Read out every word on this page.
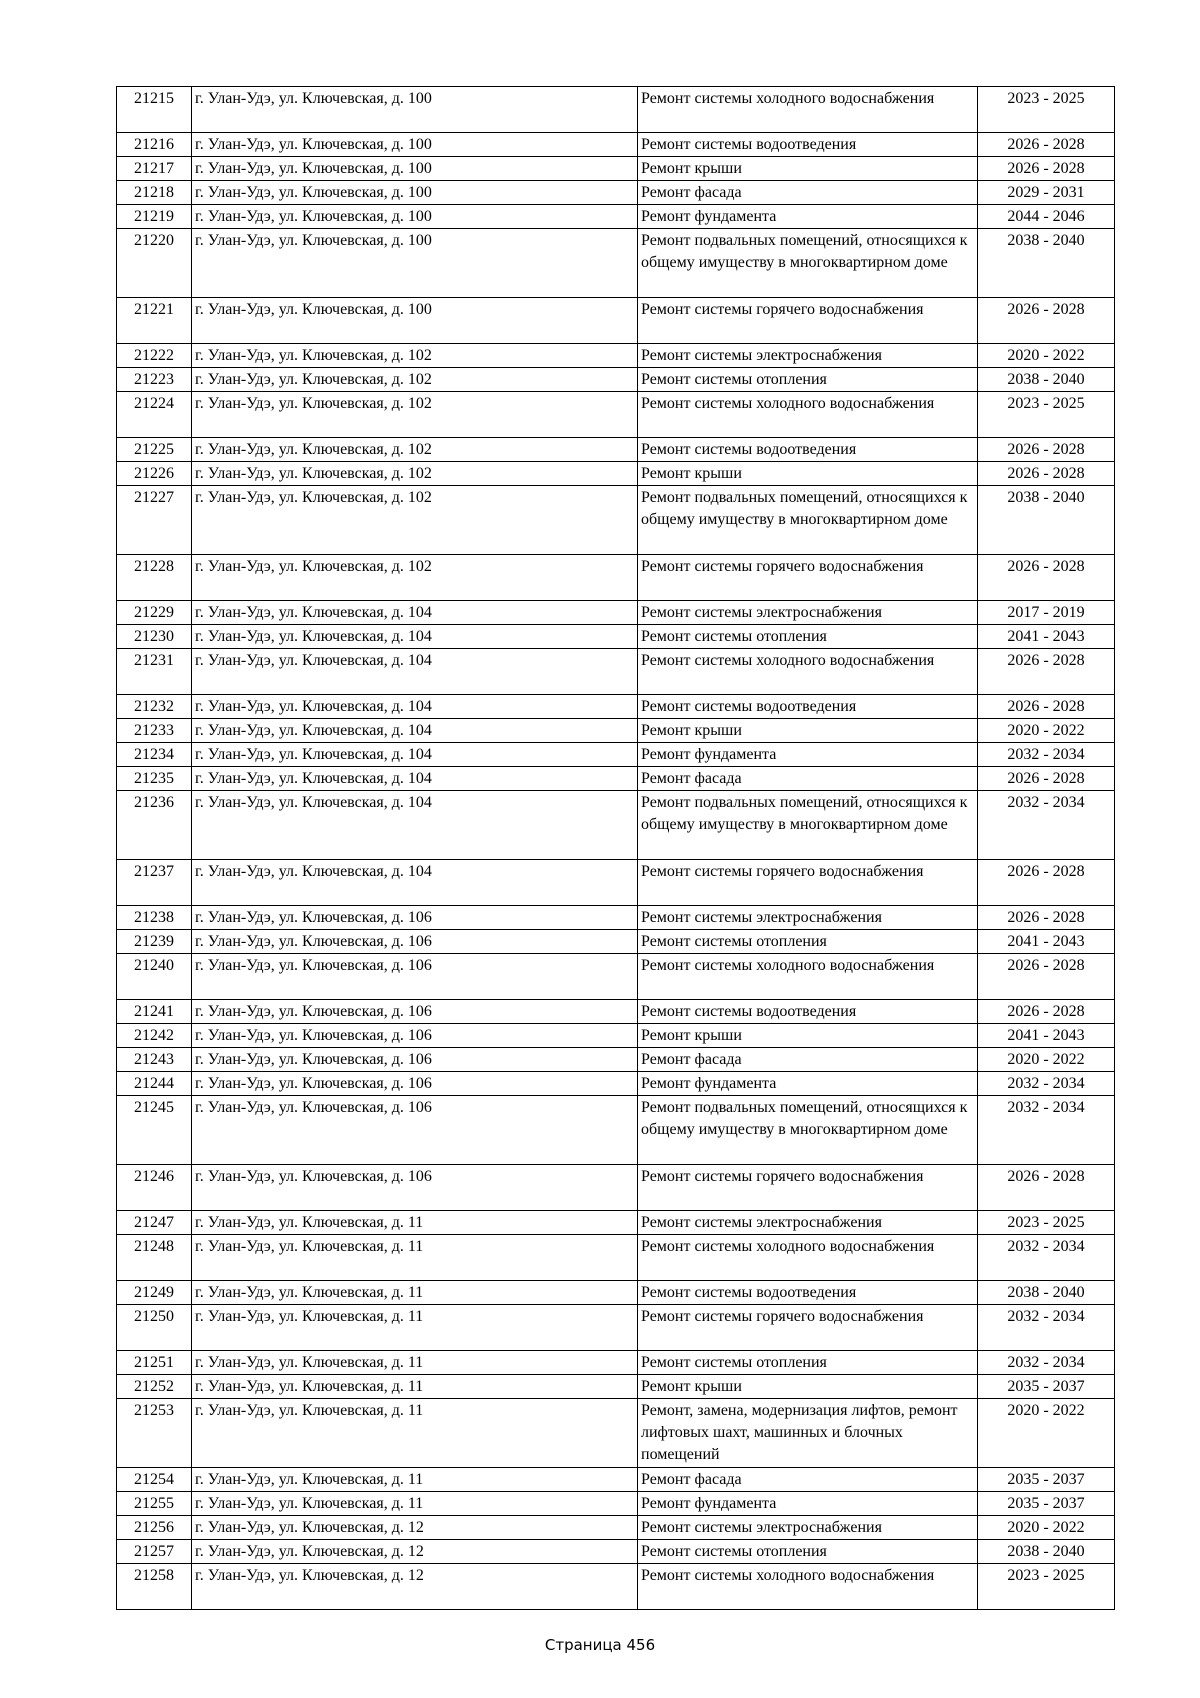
21215	г. Улан-Удэ, ул. Ключевская, д. 100	Ремонт системы холодного водоснабжения	2023 - 2025
21216	г. Улан-Удэ, ул. Ключевская, д. 100	Ремонт системы водоотведения	2026 - 2028
21217	г. Улан-Удэ, ул. Ключевская, д. 100	Ремонт крыши	2026 - 2028
21218	г. Улан-Удэ, ул. Ключевская, д. 100	Ремонт фасада	2029 - 2031
21219	г. Улан-Удэ, ул. Ключевская, д. 100	Ремонт фундамента	2044 - 2046
21220	г. Улан-Удэ, ул. Ключевская, д. 100	Ремонт подвальных помещений, относящихся к общему имуществу в многоквартирном доме	2038 - 2040
21221	г. Улан-Удэ, ул. Ключевская, д. 100	Ремонт системы горячего водоснабжения	2026 - 2028
21222	г. Улан-Удэ, ул. Ключевская, д. 102	Ремонт системы электроснабжения	2020 - 2022
21223	г. Улан-Удэ, ул. Ключевская, д. 102	Ремонт системы отопления	2038 - 2040
21224	г. Улан-Удэ, ул. Ключевская, д. 102	Ремонт системы холодного водоснабжения	2023 - 2025
21225	г. Улан-Удэ, ул. Ключевская, д. 102	Ремонт системы водоотведения	2026 - 2028
21226	г. Улан-Удэ, ул. Ключевская, д. 102	Ремонт крыши	2026 - 2028
21227	г. Улан-Удэ, ул. Ключевская, д. 102	Ремонт подвальных помещений, относящихся к общему имуществу в многоквартирном доме	2038 - 2040
21228	г. Улан-Удэ, ул. Ключевская, д. 102	Ремонт системы горячего водоснабжения	2026 - 2028
21229	г. Улан-Удэ, ул. Ключевская, д. 104	Ремонт системы электроснабжения	2017 - 2019
21230	г. Улан-Удэ, ул. Ключевская, д. 104	Ремонт системы отопления	2041 - 2043
21231	г. Улан-Удэ, ул. Ключевская, д. 104	Ремонт системы холодного водоснабжения	2026 - 2028
21232	г. Улан-Удэ, ул. Ключевская, д. 104	Ремонт системы водоотведения	2026 - 2028
21233	г. Улан-Удэ, ул. Ключевская, д. 104	Ремонт крыши	2020 - 2022
21234	г. Улан-Удэ, ул. Ключевская, д. 104	Ремонт фундамента	2032 - 2034
21235	г. Улан-Удэ, ул. Ключевская, д. 104	Ремонт фасада	2026 - 2028
21236	г. Улан-Удэ, ул. Ключевская, д. 104	Ремонт подвальных помещений, относящихся к общему имуществу в многоквартирном доме	2032 - 2034
21237	г. Улан-Удэ, ул. Ключевская, д. 104	Ремонт системы горячего водоснабжения	2026 - 2028
21238	г. Улан-Удэ, ул. Ключевская, д. 106	Ремонт системы электроснабжения	2026 - 2028
21239	г. Улан-Удэ, ул. Ключевская, д. 106	Ремонт системы отопления	2041 - 2043
21240	г. Улан-Удэ, ул. Ключевская, д. 106	Ремонт системы холодного водоснабжения	2026 - 2028
21241	г. Улан-Удэ, ул. Ключевская, д. 106	Ремонт системы водоотведения	2026 - 2028
21242	г. Улан-Удэ, ул. Ключевская, д. 106	Ремонт крыши	2041 - 2043
21243	г. Улан-Удэ, ул. Ключевская, д. 106	Ремонт фасада	2020 - 2022
21244	г. Улан-Удэ, ул. Ключевская, д. 106	Ремонт фундамента	2032 - 2034
21245	г. Улан-Удэ, ул. Ключевская, д. 106	Ремонт подвальных помещений, относящихся к общему имуществу в многоквартирном доме	2032 - 2034
21246	г. Улан-Удэ, ул. Ключевская, д. 106	Ремонт системы горячего водоснабжения	2026 - 2028
21247	г. Улан-Удэ, ул. Ключевская, д. 11	Ремонт системы электроснабжения	2023 - 2025
21248	г. Улан-Удэ, ул. Ключевская, д. 11	Ремонт системы холодного водоснабжения	2032 - 2034
21249	г. Улан-Удэ, ул. Ключевская, д. 11	Ремонт системы водоотведения	2038 - 2040
21250	г. Улан-Удэ, ул. Ключевская, д. 11	Ремонт системы горячего водоснабжения	2032 - 2034
21251	г. Улан-Удэ, ул. Ключевская, д. 11	Ремонт системы отопления	2032 - 2034
21252	г. Улан-Удэ, ул. Ключевская, д. 11	Ремонт крыши	2035 - 2037
21253	г. Улан-Удэ, ул. Ключевская, д. 11	Ремонт, замена, модернизация лифтов, ремонт лифтовых шахт, машинных и блочных помещений	2020 - 2022
21254	г. Улан-Удэ, ул. Ключевская, д. 11	Ремонт фасада	2035 - 2037
21255	г. Улан-Удэ, ул. Ключевская, д. 11	Ремонт фундамента	2035 - 2037
21256	г. Улан-Удэ, ул. Ключевская, д. 12	Ремонт системы электроснабжения	2020 - 2022
21257	г. Улан-Удэ, ул. Ключевская, д. 12	Ремонт системы отопления	2038 - 2040
21258	г. Улан-Удэ, ул. Ключевская, д. 12	Ремонт системы холодного водоснабжения	2023 - 2025
Страница 456
